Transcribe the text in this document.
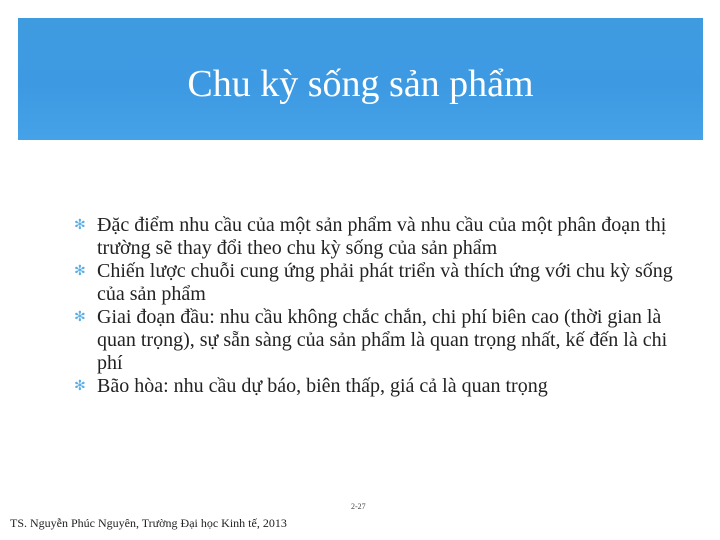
Chu kỳ sống sản phẩm
✻ Đặc điểm nhu cầu của một sản phẩm và nhu cầu của một phân đoạn thị trường sẽ thay đổi theo chu kỳ sống của sản phẩm
✻ Chiến lược chuỗi cung ứng phải phát triển và thích ứng với chu kỳ sống của sản phẩm
✻ Giai đoạn đầu: nhu cầu không chắc chắn, chi phí biên cao (thời gian là quan trọng), sự sẵn sàng của sản phẩm là quan trọng nhất, kế đến là chi phí
✻ Bão hòa: nhu cầu dự báo, biên thấp, giá cả là quan trọng
2-27
TS. Nguyễn Phúc Nguyên, Trường Đại học Kinh tế, 2013
